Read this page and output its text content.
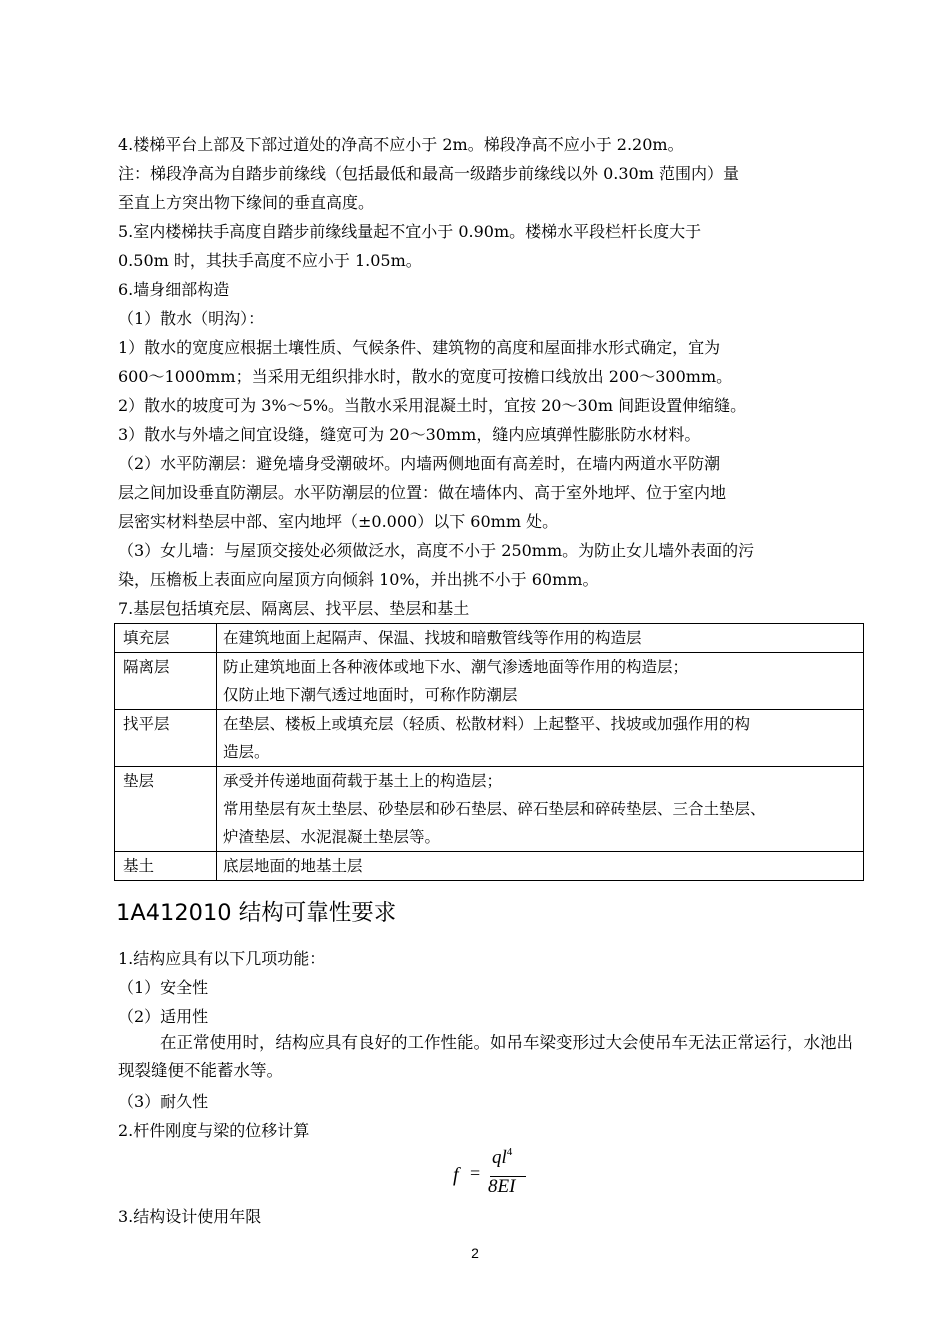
4.楼梯平台上部及下部过道处的净高不应小于 2m。梯段净高不应小于 2.20m。
注：梯段净高为自踏步前缘线（包括最低和最高一级踏步前缘线以外 0.30m 范围内）量
至直上方突出物下缘间的垂直高度。
5.室内楼梯扶手高度自踏步前缘线量起不宜小于 0.90m。楼梯水平段栏杆长度大于
0.50m 时，其扶手高度不应小于 1.05m。
6.墙身细部构造
（1）散水（明沟）：
1）散水的宽度应根据土壤性质、气候条件、建筑物的高度和屋面排水形式确定，宜为
600～1000mm；当采用无组织排水时，散水的宽度可按檐口线放出 200～300mm。
2）散水的坡度可为 3%～5%。当散水采用混凝土时，宜按 20～30m 间距设置伸缩缝。
3）散水与外墙之间宜设缝，缝宽可为 20～30mm，缝内应填弹性膨胀防水材料。
（2）水平防潮层：避免墙身受潮破坏。内墙两侧地面有高差时，在墙内两道水平防潮
层之间加设垂直防潮层。水平防潮层的位置：做在墙体内、高于室外地坪、位于室内地
层密实材料垫层中部、室内地坪（±0.000）以下 60mm 处。
（3）女儿墙：与屋顶交接处必须做泛水，高度不小于 250mm。为防止女儿墙外表面的污
染，压檐板上表面应向屋顶方向倾斜 10%，并出挑不小于 60mm。
7.基层包括填充层、隔离层、找平层、垫层和基土
填充层	在建筑地面上起隔声、保温、找坡和暗敷管线等作用的构造层

隔离层	防止建筑地面上各种液体或地下水、潮气渗透地面等作用的构造层；
仅防止地下潮气透过地面时，可称作防潮层

找平层	在垫层、楼板上或填充层（轻质、松散材料）上起整平、找坡或加强作用的构
造层。

垫层	承受并传递地面荷载于基土上的构造层；
常用垫层有灰土垫层、砂垫层和砂石垫层、碎石垫层和碎砖垫层、三合土垫层、
炉渣垫层、水泥混凝土垫层等。

基土	底层地面的地基土层
1A412010 结构可靠性要求
1.结构应具有以下几项功能：
（1）安全性
（2）适用性
在正常使用时，结构应具有良好的工作性能。如吊车梁变形过大会使吊车无法正常运行，水池出现裂缝便不能蓄水等。
（3）耐久性
2.杆件刚度与梁的位移计算
f =
$ql^4$
8EI
3.结构设计使用年限
2
